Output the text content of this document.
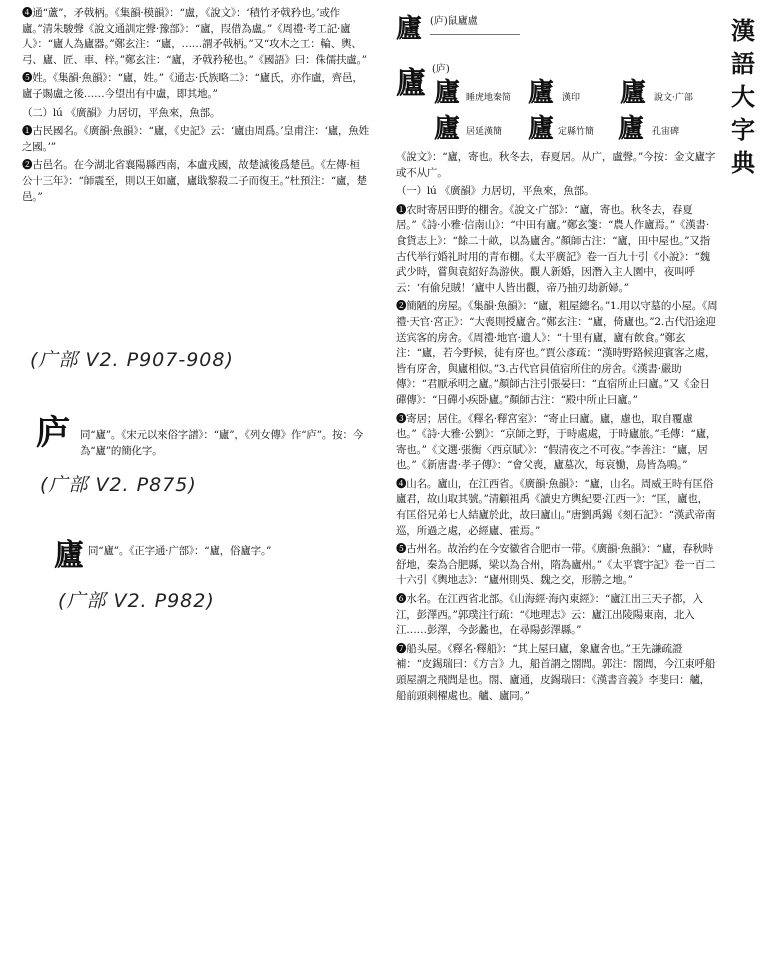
漢
語
大
字
典
廬 (庐)鼠廬盧
廬 (庐)
廬 睡虎地秦简	廬 說文·广部
廬 定縣竹簡 廬 孔宙碑
廬 漢印
廬 居延漢簡

❹通“蘆”，矛戟柄。《集韻·模韻》：“盧，《說文》：‘積竹矛戟矜也。’或作廬。”清朱駿聲《說文通訓定聲·豫部》：“廬，叚借為盧。”《周禮·考工記·廬人》：“廬人為廬器。”鄭玄注：“廬，……謂矛戟柄。”又“攻木之工：輪、輿、弓、廬、匠、車、梓。”鄭玄注：“廬，矛戟矜秘也。”《國語》曰：侏儒扶盧。”

❺姓。《集韻·魚韻》：“廬，姓。”《通志·氏族略二》：“廬氏，亦作盧，齊邑，廬子賜盧之後……今望出有中盧，即其地。”

（二）lú 《廣韻》力居切，平魚來，魚部。

❶古民國名。《廣韻·魚韻》：“廬，《史記》云：‘廬由周爲。’皇甫注：‘廬，魚姓之國。’”

❷古邑名。在今湖北省襄陽縣西南，本盧戎國，故楚滅後爲楚邑。《左傳·桓公十三年》：“師震至，則以王如廬，廬戢黎殺二子而復王。”杜預注：“廬，楚邑。”

(广部 V2. P907-908)
庐 同“廬”。《宋元以來俗字譜》：“廬”，《列女傳》作“庐”。按：今為“廬”的簡化字。
(广部 V2. P875)
廬 同“廬”。《正字通·广部》：“廬，俗廬字。”
(广部 V2. P982)

《說文》：“廬，寄也。秋冬去，春夏居。从广，盧聲。”今按：金文廬字或不从广。

（一）lú 《廣韻》力居切，平魚來，魚部。

❶农时寄居田野的棚舍。《說文·广部》：“廬，寄也。秋冬去，春夏居。”《詩·小雅·信南山》：“中田有廬。”鄭玄箋：“農人作廬焉。”《漢書·食貨志上》：“餘二十畝，以為廬舍。”顏師古注：“廬，田中屋也。”又指古代举行婚礼时用的青布棚。《太平廣記》卷一百九十引《小說》：“魏武少時，嘗與袁紹好為游俠。觀人新婚，因潛入主人園中，夜叫呼云：‘有偷兒賊！’廬中人皆出觀，帝乃抽刃劫新婦。”

❷簡陋的房屋。《集韻·魚韻》：“廬，粗屋總名。”1.用以守墓的小屋。《周禮·天官·宮正》：“大喪則授廬舍。”鄭玄注：“廬，倚廬也。”2.古代沿途迎送宾客的房舍。《周禮·地官·遺人》：“十里有廬，廬有飲食。”鄭玄注：“廬，若今野候，徒有庌也。”賈公彥疏：“漢時野路候迎賓客之處，皆有庌舍，與廬相似。”3.古代官員值宿所住的房舍。《漢書·嚴助傳》：“君厭承明之廬。”顏師古注引張晏曰：“直宿所止曰廬。”又《金日磾傳》：“日磾小疾卧廬。”顏師古注：“殿中所止曰廬。”

❸寄居；居住。《釋名·釋宮室》：“寄止曰廬。廬，慮也，取自覆慮也。”《詩·大雅·公劉》：“京師之野，于時處處，于時廬旅。”毛傳：“廬，寄也。”《文選·張衡〈西京賦〉》：“假清夜之不可夜。”李善注：“廬，居也。”《新唐書·孝子傳》：“會父喪，廬墓次，每哀慟，鳥皆為鳴。”

❹山名。廬山，在江西省。《廣韻·魚韻》：“廬，山名。周威王時有匡俗廬君，故山取其號。”清顧祖禹《讀史方輿紀要·江西一》：“匡，廬也，有匡俗兄弟七人結廬於此，故曰廬山。”唐劉禹錫《刻石記》：“漢武帝南巡，所過之處，必經廬、霍焉。”

❺古州名。故治约在今安徽省合肥市一带。《廣韻·魚韻》：“廬，春秋時舒地，秦為合肥縣，梁以為合州，隋為廬州。”《太平寰宇記》卷一百二十六引《輿地志》：“廬州則吳、魏之交，形勝之地。”

❻水名。在江西省北部。《山海經·海內東經》：“廬江出三天子都，入江，彭澤西。”郭璞注行疏：“《地理志》云：廬江出陵陽東南，北入江……彭澤，今彭蠡也，在尋陽彭澤縣。”

❼船头屋。《釋名·釋船》：“其上屋曰廬，象廬舍也。”王先謙疏證補：“皮錫瑞曰：《方言》九，船首謂之閤閭。郭注：閤閭，今江東呼船頭屋謂之飛閭是也。閤、廬通，皮錫瑞曰：《漢書音義》李斐曰：艫，船前頭刺櫂處也。艫、廬同。”
